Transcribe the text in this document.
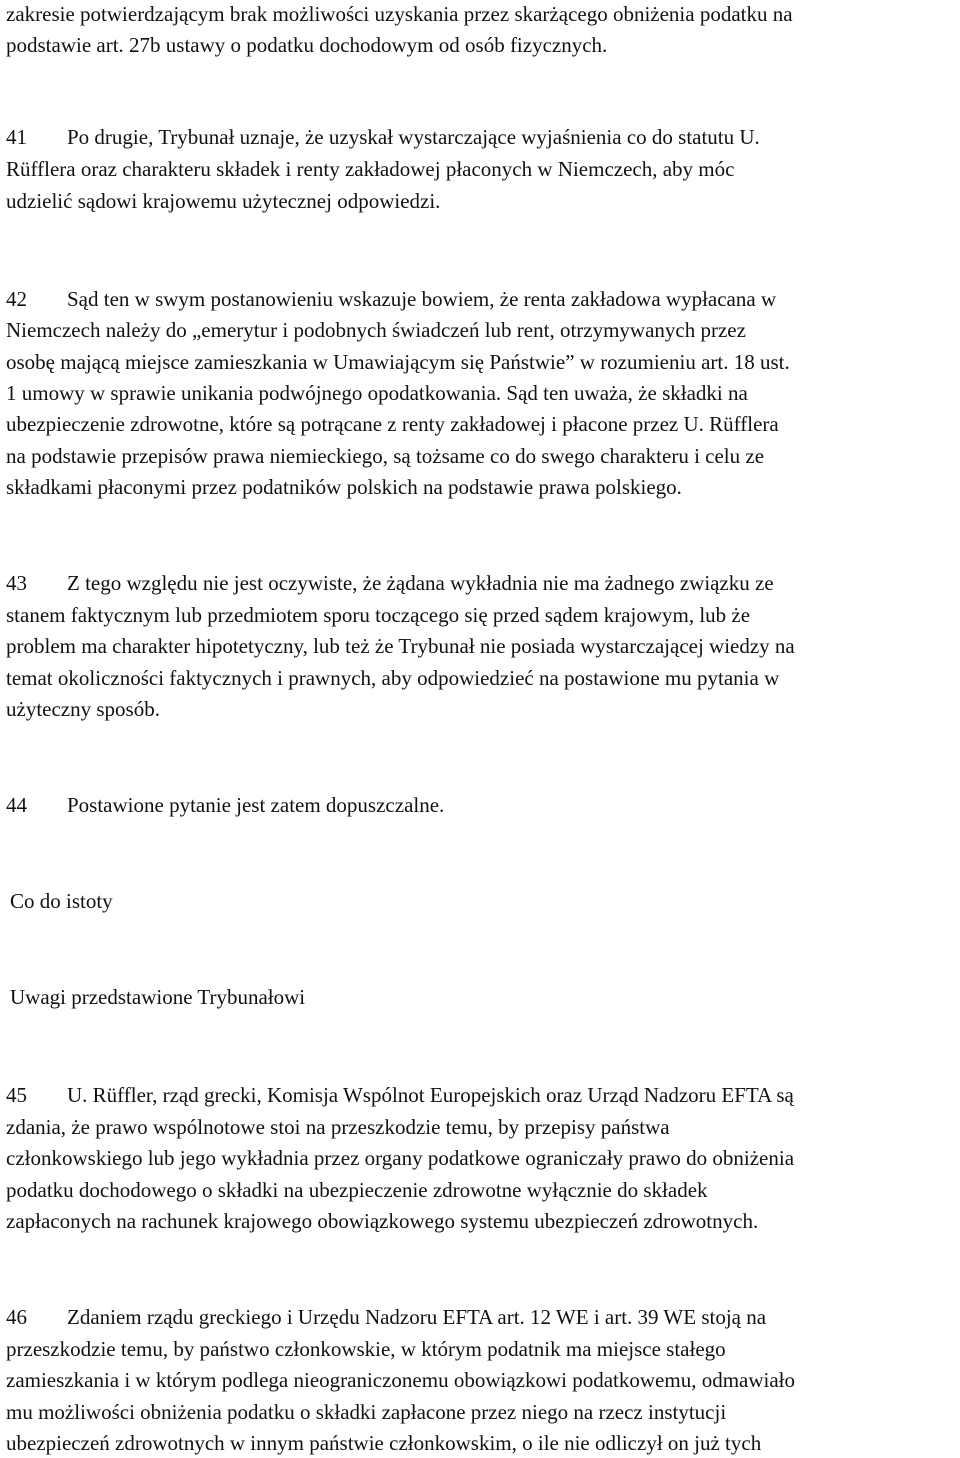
zakresie potwierdzającym brak możliwości uzyskania przez skarżącego obniżenia podatku na
podstawie art. 27b ustawy o podatku dochodowym od osób fizycznych.
41 Po drugie, Trybunał uznaje, że uzyskał wystarczające wyjaśnienia co do statutu U.
Rüfflera oraz charakteru składek i renty zakładowej płaconych w Niemczech, aby móc
udzielić sądowi krajowemu użytecznej odpowiedzi.
42 Sąd ten w swym postanowieniu wskazuje bowiem, że renta zakładowa wypłacana w
Niemczech należy do „emerytur i podobnych świadczeń lub rent, otrzymywanych przez
osobę mającą miejsce zamieszkania w Umawiającym się Państwie” w rozumieniu art. 18 ust.
1 umowy w sprawie unikania podwójnego opodatkowania. Sąd ten uważa, że składki na
ubezpieczenie zdrowotne, które są potrącane z renty zakładowej i płacone przez U. Rüfflera
na podstawie przepisów prawa niemieckiego, są tożsame co do swego charakteru i celu ze
składkami płaconymi przez podatników polskich na podstawie prawa polskiego.
43 Z tego względu nie jest oczywiste, że żądana wykładnia nie ma żadnego związku ze
stanem faktycznym lub przedmiotem sporu toczącego się przed sądem krajowym, lub że
problem ma charakter hipotetyczny, lub też że Trybunał nie posiada wystarczającej wiedzy na
temat okoliczności faktycznych i prawnych, aby odpowiedzieć na postawione mu pytania w
użyteczny sposób.
44 Postawione pytanie jest zatem dopuszczalne.
Co do istoty
Uwagi przedstawione Trybunałowi
45 U. Rüffler, rząd grecki, Komisja Wspólnot Europejskich oraz Urząd Nadzoru EFTA są
zdania, że prawo wspólnotowe stoi na przeszkodzie temu, by przepisy państwa
członkowskiego lub jego wykładnia przez organy podatkowe ograniczały prawo do obniżenia
podatku dochodowego o składki na ubezpieczenie zdrowotne wyłącznie do składek
zapłaconych na rachunek krajowego obowiązkowego systemu ubezpieczeń zdrowotnych.
46 Zdaniem rządu greckiego i Urzędu Nadzoru EFTA art. 12 WE i art. 39 WE stoją na
przeszkodzie temu, by państwo członkowskie, w którym podatnik ma miejsce stałego
zamieszkania i w którym podlega nieograniczonemu obowiązkowi podatkowemu, odmawiało
mu możliwości obniżenia podatku o składki zapłacone przez niego na rzecz instytucji
ubezpieczeń zdrowotnych w innym państwie członkowskim, o ile nie odliczył on już tych
